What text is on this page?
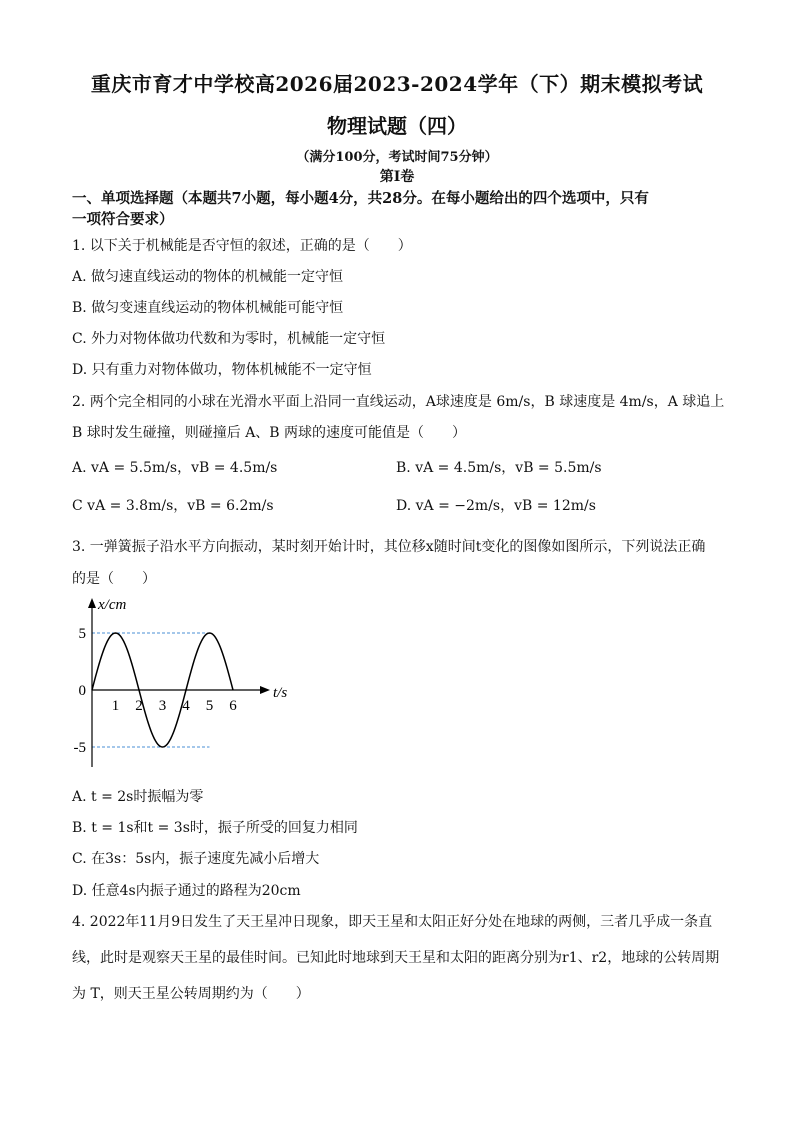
重庆市育才中学校高2026届2023-2024学年（下）期末模拟考试
物理试题（四）
（满分100分，考试时间75分钟）
第Ⅰ卷
一、单项选择题（本题共7小题，每小题4分，共28分。在每小题给出的四个选项中，只有
一项符合要求）
1. 以下关于机械能是否守恒的叙述，正确的是（　　）
A. 做匀速直线运动的物体的机械能一定守恒
B. 做匀变速直线运动的物体机械能可能守恒
C. 外力对物体做功代数和为零时，机械能一定守恒
D. 只有重力对物体做功，物体机械能不一定守恒
2. 两个完全相同的小球在光滑水平面上沿同一直线运动，A球速度是 6m/s，B 球速度是 4m/s，A 球追上
B 球时发生碰撞，则碰撞后 A、B 两球的速度可能值是（　　）
A. vA = 5.5m/s，vB = 4.5m/s	B. vA = 4.5m/s，vB = 5.5m/s
C vA = 3.8m/s，vB = 6.2m/s	D. vA = −2m/s，vB = 12m/s
3. 一弹簧振子沿水平方向振动，某时刻开始计时，其位移x随时间t变化的图像如图所示，下列说法正确
的是（　　）
1 2 3 4 5 6
5
0
-5
x/cm
t/s
A. t = 2s时振幅为零
B. t = 1s和t = 3s时，振子所受的回复力相同
C. 在3s：5s内，振子速度先减小后增大
D. 任意4s内振子通过的路程为20cm
4. 2022年11月9日发生了天王星冲日现象，即天王星和太阳正好分处在地球的两侧，三者几乎成一条直
线，此时是观察天王星的最佳时间。已知此时地球到天王星和太阳的距离分别为r1、r2，地球的公转周期
为 T，则天王星公转周期约为（　　）
